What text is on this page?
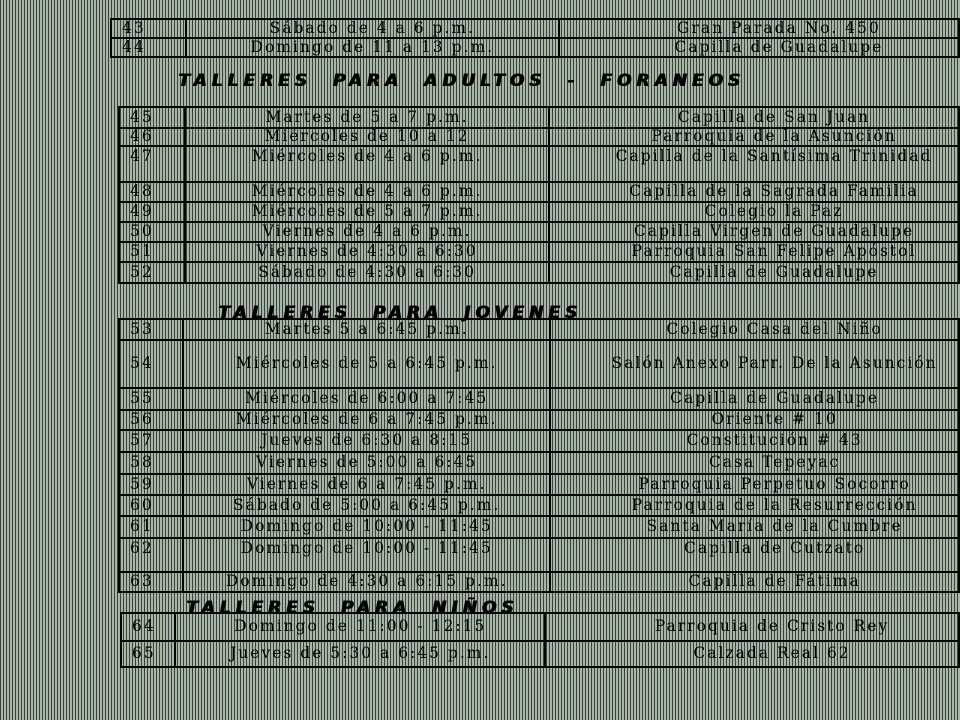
43	Sábado de 4 a 6 p.m.	Gran Parada No. 450
44	Domingo de 11 a 13 p.m.	Capilla de Guadalupe
TALLERES PARA ADULTOS - FORANEOS
45	Martes de 5 a 7 p.m.	Capilla de San Juan
46	Miércoles de 10 a 12	Parroquia de la Asunción
47	Miércoles de 4 a 6 p.m.	Capilla de la Santísima Trinidad
48	Miércoles de 4 a 6 p.m.	Capilla de la Sagrada Familia
49	Miércoles de 5 a 7 p.m.	Colegio la Paz
50	Viernes de 4 a 6 p.m.	Capilla Virgen de Guadalupe
51	Viernes de 4:30 a 6:30	Parroquia San Felipe Apóstol
52	Sábado de 4:30 a 6:30	Capilla de Guadalupe
TALLERES PARA JOVENES
53	Martes 5 a 6:45 p.m.	Colegio Casa del Niño
54	Miércoles de 5 a 6:45 p.m.	Salón Anexo Parr. De la Asunción
55	Miércoles de 6:00 a 7:45	Capilla de Guadalupe
56	Miércoles de 6 a 7:45 p.m.	Oriente # 10
57	Jueves de 6:30 a 8:15	Constitución # 43
58	Viernes de 5:00 a 6:45	Casa Tepeyac
59	Viernes de 6 a 7:45 p.m.	Parroquia Perpetuo Socorro
60	Sábado de 5:00 a 6:45 p.m.	Parroquia de la Resurrección
61	Domingo de 10:00 - 11:45	Santa María de la Cumbre
62	Domingo de 10:00 - 11:45	Capilla de Cutzato
63	Domingo de 4:30 a 6:15 p.m.	Capilla de Fátima
TALLERES PARA NIÑOS
64	Domingo de 11:00 - 12:15	Parroquia de Cristo Rey
65	Jueves de 5:30 a 6:45 p.m.	Calzada Real 62
